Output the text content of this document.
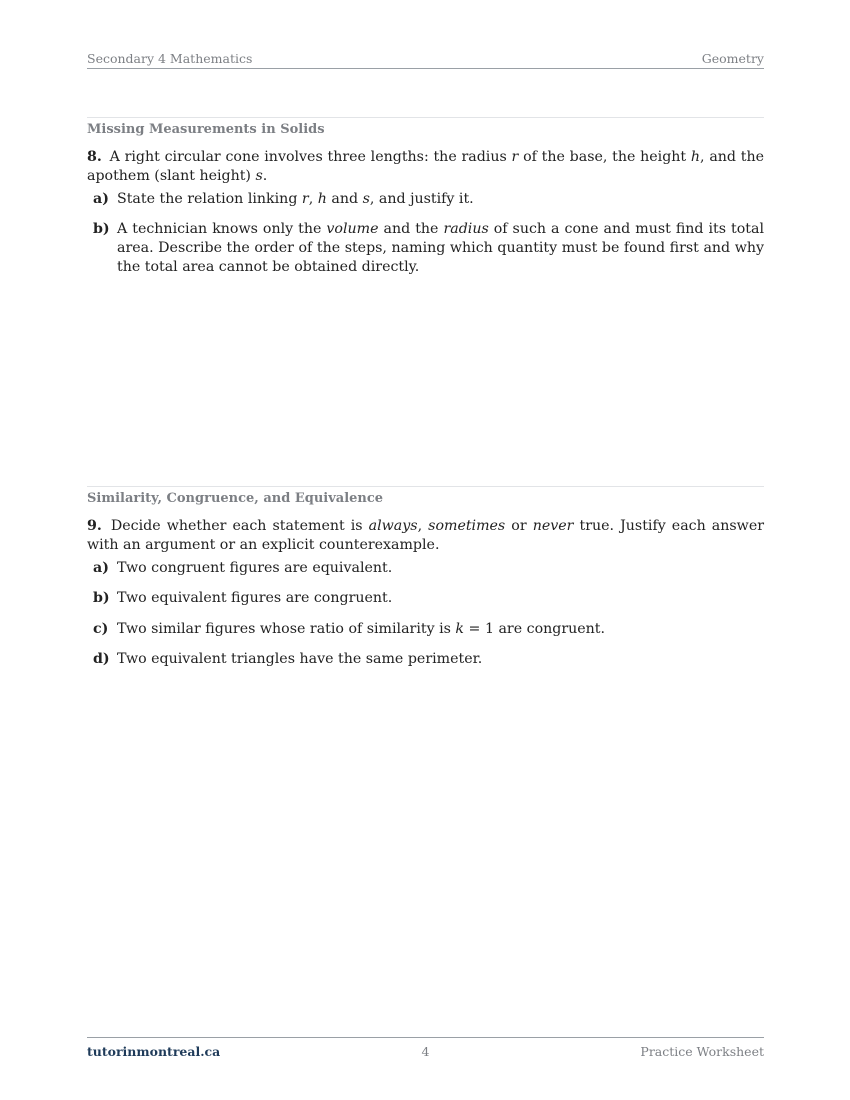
Secondary 4 Mathematics	Geometry
Missing Measurements in Solids
8. A right circular cone involves three lengths: the radius r of the base, the height h, and the apothem (slant height) s.
a) State the relation linking r, h and s, and justify it.
b) A technician knows only the volume and the radius of such a cone and must find its total area. Describe the order of the steps, naming which quantity must be found first and why the total area cannot be obtained directly.
Similarity, Congruence, and Equivalence
9. Decide whether each statement is always, sometimes or never true. Justify each answer with an argument or an explicit counterexample.
a) Two congruent figures are equivalent.
b) Two equivalent figures are congruent.
c) Two similar figures whose ratio of similarity is k = 1 are congruent.
d) Two equivalent triangles have the same perimeter.
tutorinmontreal.ca	4	Practice Worksheet
